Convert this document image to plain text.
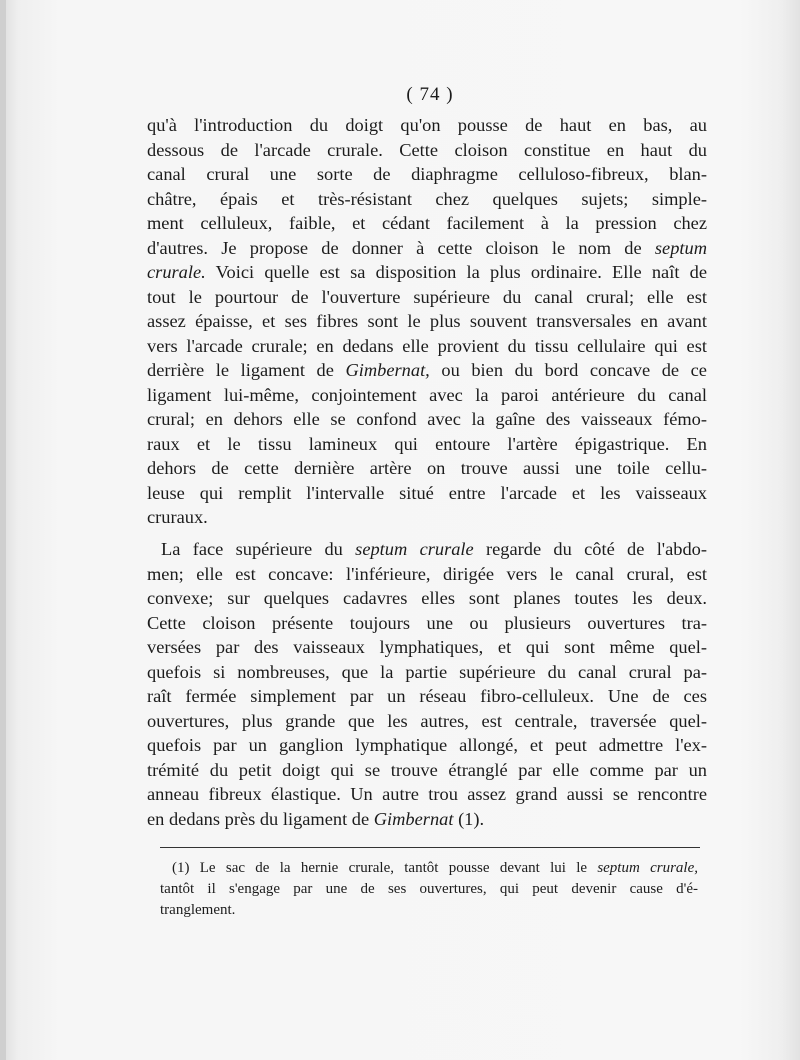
( 74 )
qu'à l'introduction du doigt qu'on pousse de haut en bas, au
dessous de l'arcade crurale. Cette cloison constitue en haut du
canal crural une sorte de diaphragme celluloso-fibreux, blan-
châtre, épais et très-résistant chez quelques sujets; simple-
ment celluleux, faible, et cédant facilement à la pression chez
d'autres. Je propose de donner à cette cloison le nom de septum
crurale. Voici quelle est sa disposition la plus ordinaire. Elle naît de
tout le pourtour de l'ouverture supérieure du canal crural; elle est
assez épaisse, et ses fibres sont le plus souvent transversales en avant
vers l'arcade crurale; en dedans elle provient du tissu cellulaire qui est
derrière le ligament de Gimbernat, ou bien du bord concave de ce
ligament lui-même, conjointement avec la paroi antérieure du canal
crural; en dehors elle se confond avec la gaîne des vaisseaux fémo-
raux et le tissu lamineux qui entoure l'artère épigastrique. En
dehors de cette dernière artère on trouve aussi une toile cellu-
leuse qui remplit l'intervalle situé entre l'arcade et les vaisseaux
cruraux.
La face supérieure du septum crurale regarde du côté de l'abdo-
men; elle est concave: l'inférieure, dirigée vers le canal crural, est
convexe; sur quelques cadavres elles sont planes toutes les deux.
Cette cloison présente toujours une ou plusieurs ouvertures tra-
versées par des vaisseaux lymphatiques, et qui sont même quel-
quefois si nombreuses, que la partie supérieure du canal crural pa-
raît fermée simplement par un réseau fibro-celluleux. Une de ces
ouvertures, plus grande que les autres, est centrale, traversée quel-
quefois par un ganglion lymphatique allongé, et peut admettre l'ex-
trémité du petit doigt qui se trouve étranglé par elle comme par un
anneau fibreux élastique. Un autre trou assez grand aussi se rencontre
en dedans près du ligament de Gimbernat (1).
(1) Le sac de la hernie crurale, tantôt pousse devant lui le septum crurale,
tantôt il s'engage par une de ses ouvertures, qui peut devenir cause d'é-
tranglement.
